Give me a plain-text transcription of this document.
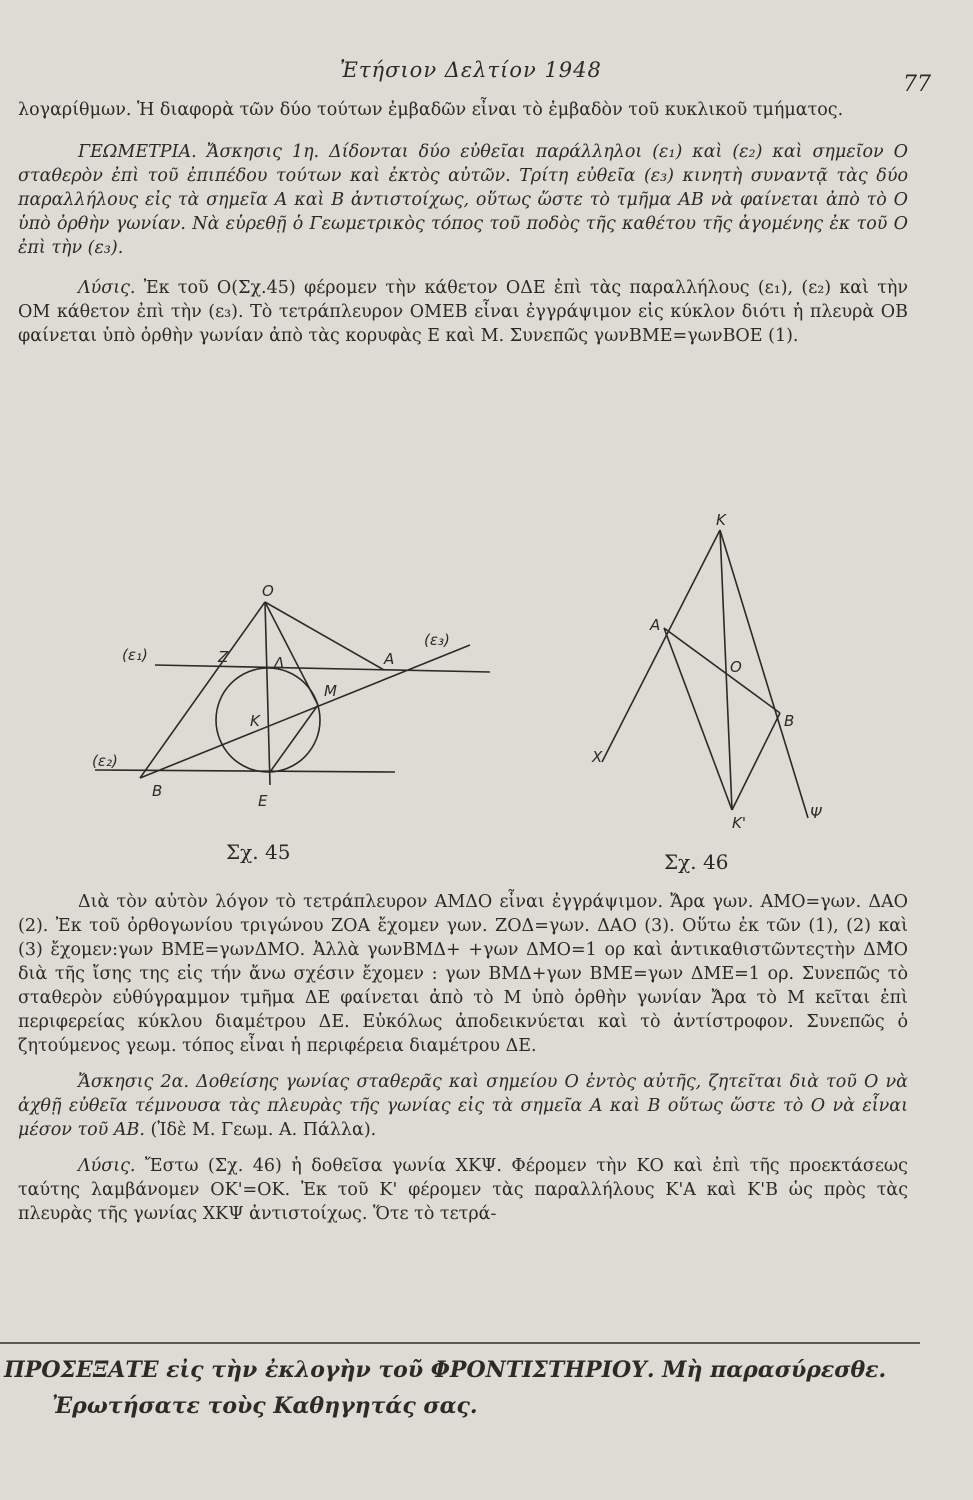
Ἐτήσιον Δελτίον 1948
77

λογαρίθμων. Ἡ διαφορὰ τῶν δύο τούτων ἐμβαδῶν εἶναι τὸ ἐμβαδὸν τοῦ κυκλικοῦ τμήματος.

ΓΕΩΜΕΤΡΙΑ. Ἄσκησις 1η. Δίδονται δύο εὐθεῖαι παράλληλοι (ε₁) καὶ (ε₂) καὶ σημεῖον Ο σταθερὸν ἐπὶ τοῦ ἐπιπέδου τούτων καὶ ἐκτὸς αὐτῶν. Τρίτη εὐθεῖα (ε₃) κινητὴ συναντᾷ τὰς δύο παραλλήλους εἰς τὰ σημεῖα Α καὶ Β ἀντιστοίχως, οὕτως ὥστε τὸ τμῆμα ΑΒ νὰ φαίνεται ἀπὸ τὸ Ο ὑπὸ ὀρθὴν γωνίαν. Νὰ εὑρεθῇ ὁ Γεωμετρικὸς τόπος τοῦ ποδὸς τῆς καθέτου τῆς ἀγομένης ἐκ τοῦ Ο ἐπὶ τὴν (ε₃).

Λύσις. Ἐκ τοῦ Ο(Σχ.45) φέρομεν τὴν κάθετον ΟΔΕ ἐπὶ τὰς παραλλήλους (ε₁), (ε₂) καὶ τὴν ΟΜ κάθετον ἐπὶ τὴν (ε₃). Τὸ τετράπλευρον ΟΜΕΒ εἶναι ἐγγράψιμον εἰς κύκλον διότι ἡ πλευρὰ ΟΒ φαίνεται ὑπὸ ὀρθὴν γωνίαν ἀπὸ τὰς κορυφὰς Ε καὶ Μ. Συνεπῶς γωνΒΜΕ=γωνΒΟΕ (1).

O
Z	Δ	A
M
K
B
E
(ε₁)
(ε₂)
(ε₃)
K
A
O
B
K'
X
Ψ
Σχ. 45	Σχ. 46

Διὰ τὸν αὐτὸν λόγον τὸ τετράπλευρον ΑΜΔΟ εἶναι ἐγγράψιμον. Ἄρα γων. ΑΜΟ=γων. ΔΑΟ (2). Ἐκ τοῦ ὀρθογωνίου τριγώνου ΖΟΑ ἔχομεν γων. ΖΟΔ=γων. ΔΑΟ (3). Οὕτω ἐκ τῶν (1), (2) καὶ (3) ἔχομεν:γων ΒΜΕ=γωνΔΜΟ. Ἀλλὰ γωνΒΜΔ+ +γων ΔΜΟ=1 ορ καὶ ἀντικαθιστῶντεςτὴν ΔΜ̂Ο διὰ τῆς ἴσης της εἰς τήν ἄνω σχέσιν ἔχομεν : γων ΒΜΔ+γων ΒΜΕ=γων ΔΜΕ=1 ορ. Συνεπῶς τὸ σταθερὸν εὐθύγραμμον τμῆμα ΔΕ φαίνεται ἀπὸ τὸ Μ ὑπὸ ὀρθὴν γωνίαν Ἄρα τὸ Μ κεῖται ἐπὶ περιφερείας κύκλου διαμέτρου ΔΕ. Εὐκόλως ἀποδεικνύεται καὶ τὸ ἀντίστροφον. Συνεπῶς ὁ ζητούμενος γεωμ. τόπος εἶναι ἡ περιφέρεια διαμέτρου ΔΕ.

Ἄσκησις 2α. Δοθείσης γωνίας σταθερᾶς καὶ σημείου Ο ἐντὸς αὐτῆς, ζητεῖται διὰ τοῦ Ο νὰ ἀχθῇ εὐθεῖα τέμνουσα τὰς πλευρὰς τῆς γωνίας εἰς τὰ σημεῖα Α καὶ Β οὕτως ὥστε τὸ Ο νὰ εἶναι μέσον τοῦ ΑΒ. (Ἰδὲ Μ. Γεωμ. Α. Πάλλα).

Λύσις. Ἔστω (Σχ. 46) ἡ δοθεῖσα γωνία ΧΚΨ. Φέρομεν τὴν ΚΟ καὶ ἐπὶ τῆς προεκτάσεως ταύτης λαμβάνομεν ΟΚ'=ΟΚ. Ἐκ τοῦ Κ' φέρομεν τὰς παραλλήλους Κ'Α καὶ Κ'Β ὡς πρὸς τὰς πλευρὰς τῆς γωνίας ΧΚΨ ἀντιστοίχως. Ὅτε τὸ τετρά-

ΠΡΟΣΕΞΑΤΕ εἰς τὴν ἐκλογὴν τοῦ ΦΡΟΝΤΙΣΤΗΡΙΟΥ. Μὴ παρασύρεσθε.

Ἐρωτήσατε τοὺς Καθηγητάς σας.
